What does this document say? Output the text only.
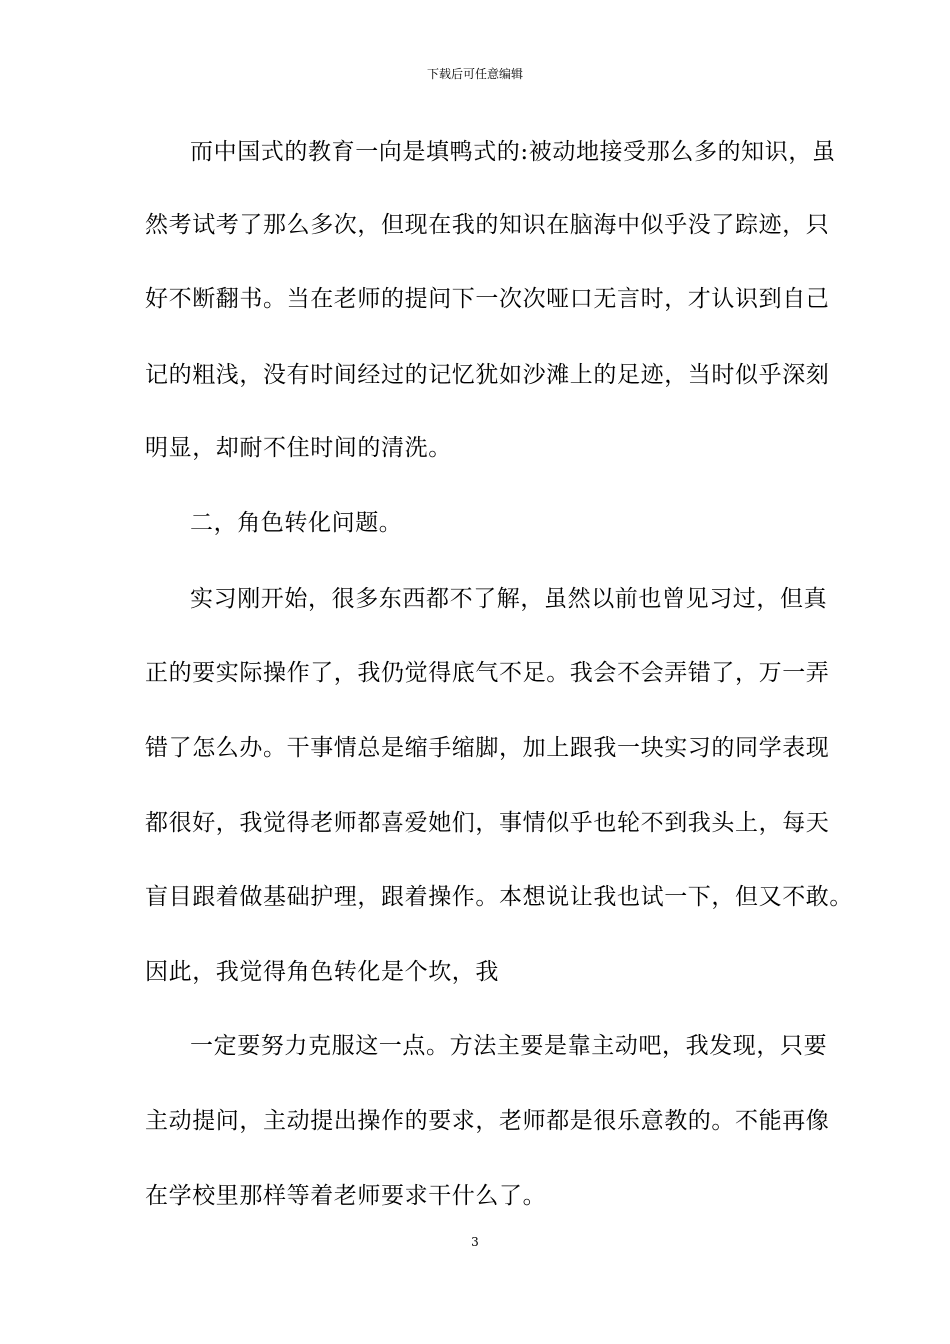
下载后可任意编辑
而中国式的教育一向是填鸭式的:被动地接受那么多的知识，虽
然考试考了那么多次，但现在我的知识在脑海中似乎没了踪迹，只
好不断翻书。当在老师的提问下一次次哑口无言时，才认识到自己
记的粗浅，没有时间经过的记忆犹如沙滩上的足迹，当时似乎深刻
明显，却耐不住时间的清洗。
二，角色转化问题。
实习刚开始，很多东西都不了解，虽然以前也曾见习过，但真
正的要实际操作了，我仍觉得底气不足。我会不会弄错了，万一弄
错了怎么办。干事情总是缩手缩脚，加上跟我一块实习的同学表现
都很好，我觉得老师都喜爱她们，事情似乎也轮不到我头上，每天
盲目跟着做基础护理，跟着操作。本想说让我也试一下，但又不敢。
因此，我觉得角色转化是个坎，我
一定要努力克服这一点。方法主要是靠主动吧，我发现，只要
主动提问，主动提出操作的要求，老师都是很乐意教的。不能再像
在学校里那样等着老师要求干什么了。
3
